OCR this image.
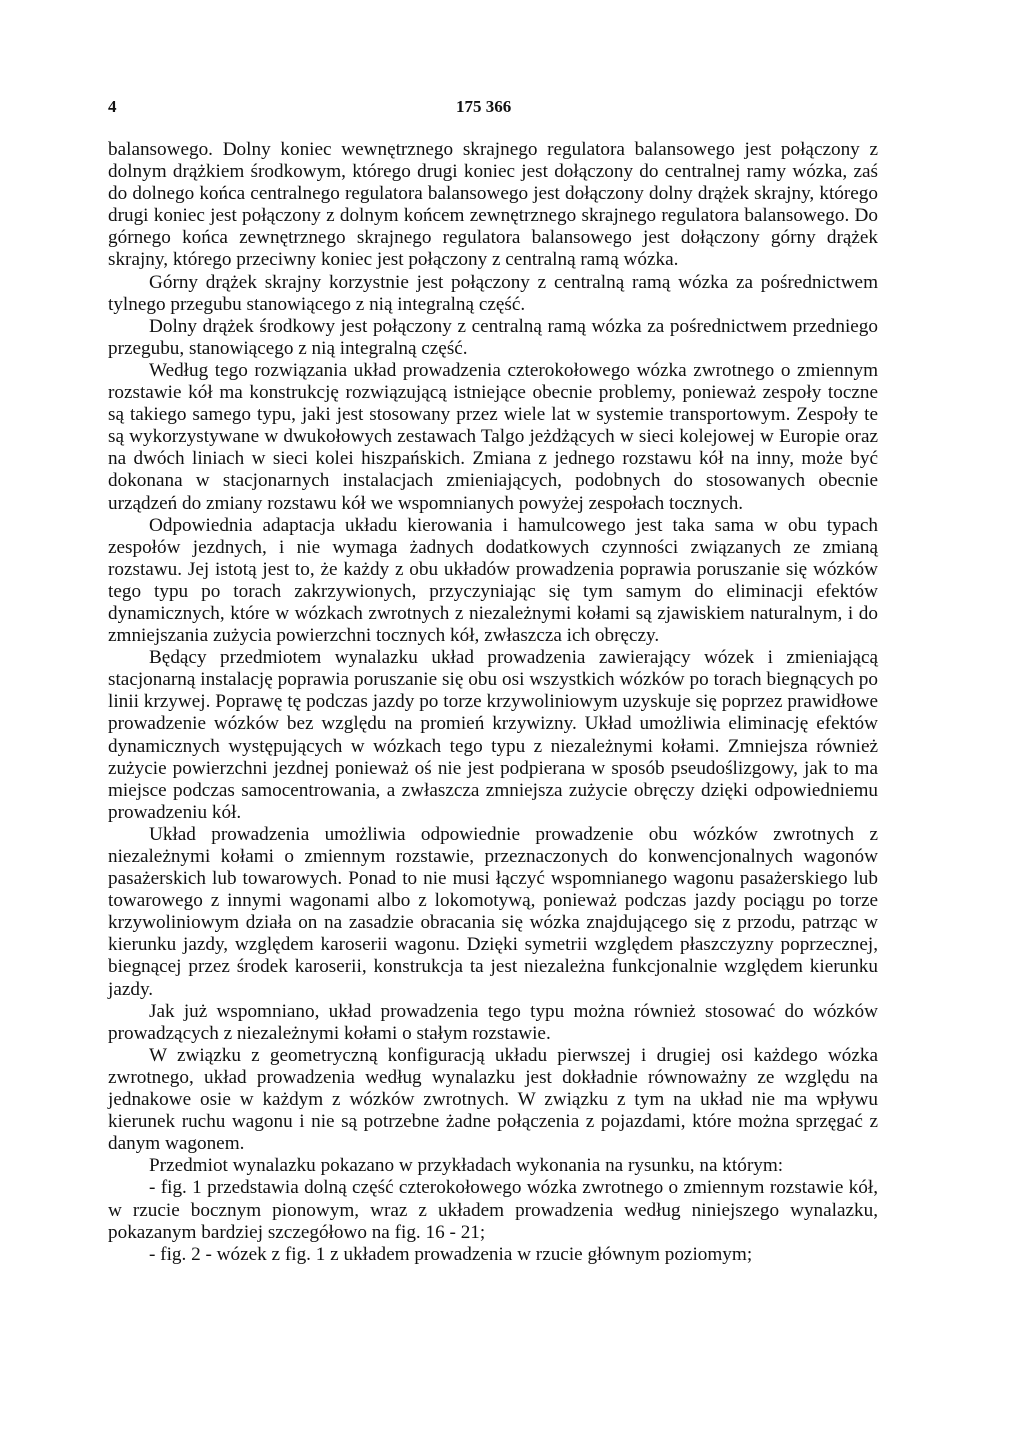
4	175 366

balansowego. Dolny koniec wewnętrznego skrajnego regulatora balansowego jest połączony z dolnym drążkiem środkowym, którego drugi koniec jest dołączony do centralnej ramy wózka, zaś do dolnego końca centralnego regulatora balansowego jest dołączony dolny drążek skrajny, którego drugi koniec jest połączony z dolnym końcem zewnętrznego skrajnego regulatora balansowego. Do górnego końca zewnętrznego skrajnego regulatora balansowego jest dołączony górny drążek skrajny, którego przeciwny koniec jest połączony z centralną ramą wózka.

Górny drążek skrajny korzystnie jest połączony z centralną ramą wózka za pośrednictwem tylnego przegubu stanowiącego z nią integralną część.

Dolny drążek środkowy jest połączony z centralną ramą wózka za pośrednictwem przedniego przegubu, stanowiącego z nią integralną część.

Według tego rozwiązania układ prowadzenia czterokołowego wózka zwrotnego o zmiennym rozstawie kół ma konstrukcję rozwiązującą istniejące obecnie problemy, ponieważ zespoły toczne są takiego samego typu, jaki jest stosowany przez wiele lat w systemie transportowym. Zespoły te są wykorzystywane w dwukołowych zestawach Talgo jeżdżących w sieci kolejowej w Europie oraz na dwóch liniach w sieci kolei hiszpańskich. Zmiana z jednego rozstawu kół na inny, może być dokonana w stacjonarnych instalacjach zmieniających, podobnych do stosowanych obecnie urządzeń do zmiany rozstawu kół we wspomnianych powyżej zespołach tocznych.

Odpowiednia adaptacja układu kierowania i hamulcowego jest taka sama w obu typach zespołów jezdnych, i nie wymaga żadnych dodatkowych czynności związanych ze zmianą rozstawu. Jej istotą jest to, że każdy z obu układów prowadzenia poprawia poruszanie się wózków tego typu po torach zakrzywionych, przyczyniając się tym samym do eliminacji efektów dynamicznych, które w wózkach zwrotnych z niezależnymi kołami są zjawiskiem naturalnym, i do zmniejszania zużycia powierzchni tocznych kół, zwłaszcza ich obręczy.

Będący przedmiotem wynalazku układ prowadzenia zawierający wózek i zmieniającą stacjonarną instalację poprawia poruszanie się obu osi wszystkich wózków po torach biegnących po linii krzywej. Poprawę tę podczas jazdy po torze krzywoliniowym uzyskuje się poprzez prawidłowe prowadzenie wózków bez względu na promień krzywizny. Układ umożliwia eliminację efektów dynamicznych występujących w wózkach tego typu z niezależnymi kołami. Zmniejsza również zużycie powierzchni jezdnej ponieważ oś nie jest podpierana w sposób pseudoślizgowy, jak to ma miejsce podczas samocentrowania, a zwłaszcza zmniejsza zużycie obręczy dzięki odpowiedniemu prowadzeniu kół.

Układ prowadzenia umożliwia odpowiednie prowadzenie obu wózków zwrotnych z niezależnymi kołami o zmiennym rozstawie, przeznaczonych do konwencjonalnych wagonów pasażerskich lub towarowych. Ponad to nie musi łączyć wspomnianego wagonu pasażerskiego lub towarowego z innymi wagonami albo z lokomotywą, ponieważ podczas jazdy pociągu po torze krzywoliniowym działa on na zasadzie obracania się wózka znajdującego się z przodu, patrząc w kierunku jazdy, względem karoserii wagonu. Dzięki symetrii względem płaszczyzny poprzecznej, biegnącej przez środek karoserii, konstrukcja ta jest niezależna funkcjonalnie względem kierunku jazdy.

Jak już wspomniano, układ prowadzenia tego typu można również stosować do wózków prowadzących z niezależnymi kołami o stałym rozstawie.

W związku z geometryczną konfiguracją układu pierwszej i drugiej osi każdego wózka zwrotnego, układ prowadzenia według wynalazku jest dokładnie równoważny ze względu na jednakowe osie w każdym z wózków zwrotnych. W związku z tym na układ nie ma wpływu kierunek ruchu wagonu i nie są potrzebne żadne połączenia z pojazdami, które można sprzęgać z danym wagonem.

Przedmiot wynalazku pokazano w przykładach wykonania na rysunku, na którym:

- fig. 1 przedstawia dolną część czterokołowego wózka zwrotnego o zmiennym rozstawie kół, w rzucie bocznym pionowym, wraz z układem prowadzenia według niniejszego wynalazku, pokazanym bardziej szczegółowo na fig. 16 - 21;

- fig. 2 - wózek z fig. 1 z układem prowadzenia w rzucie głównym poziomym;
